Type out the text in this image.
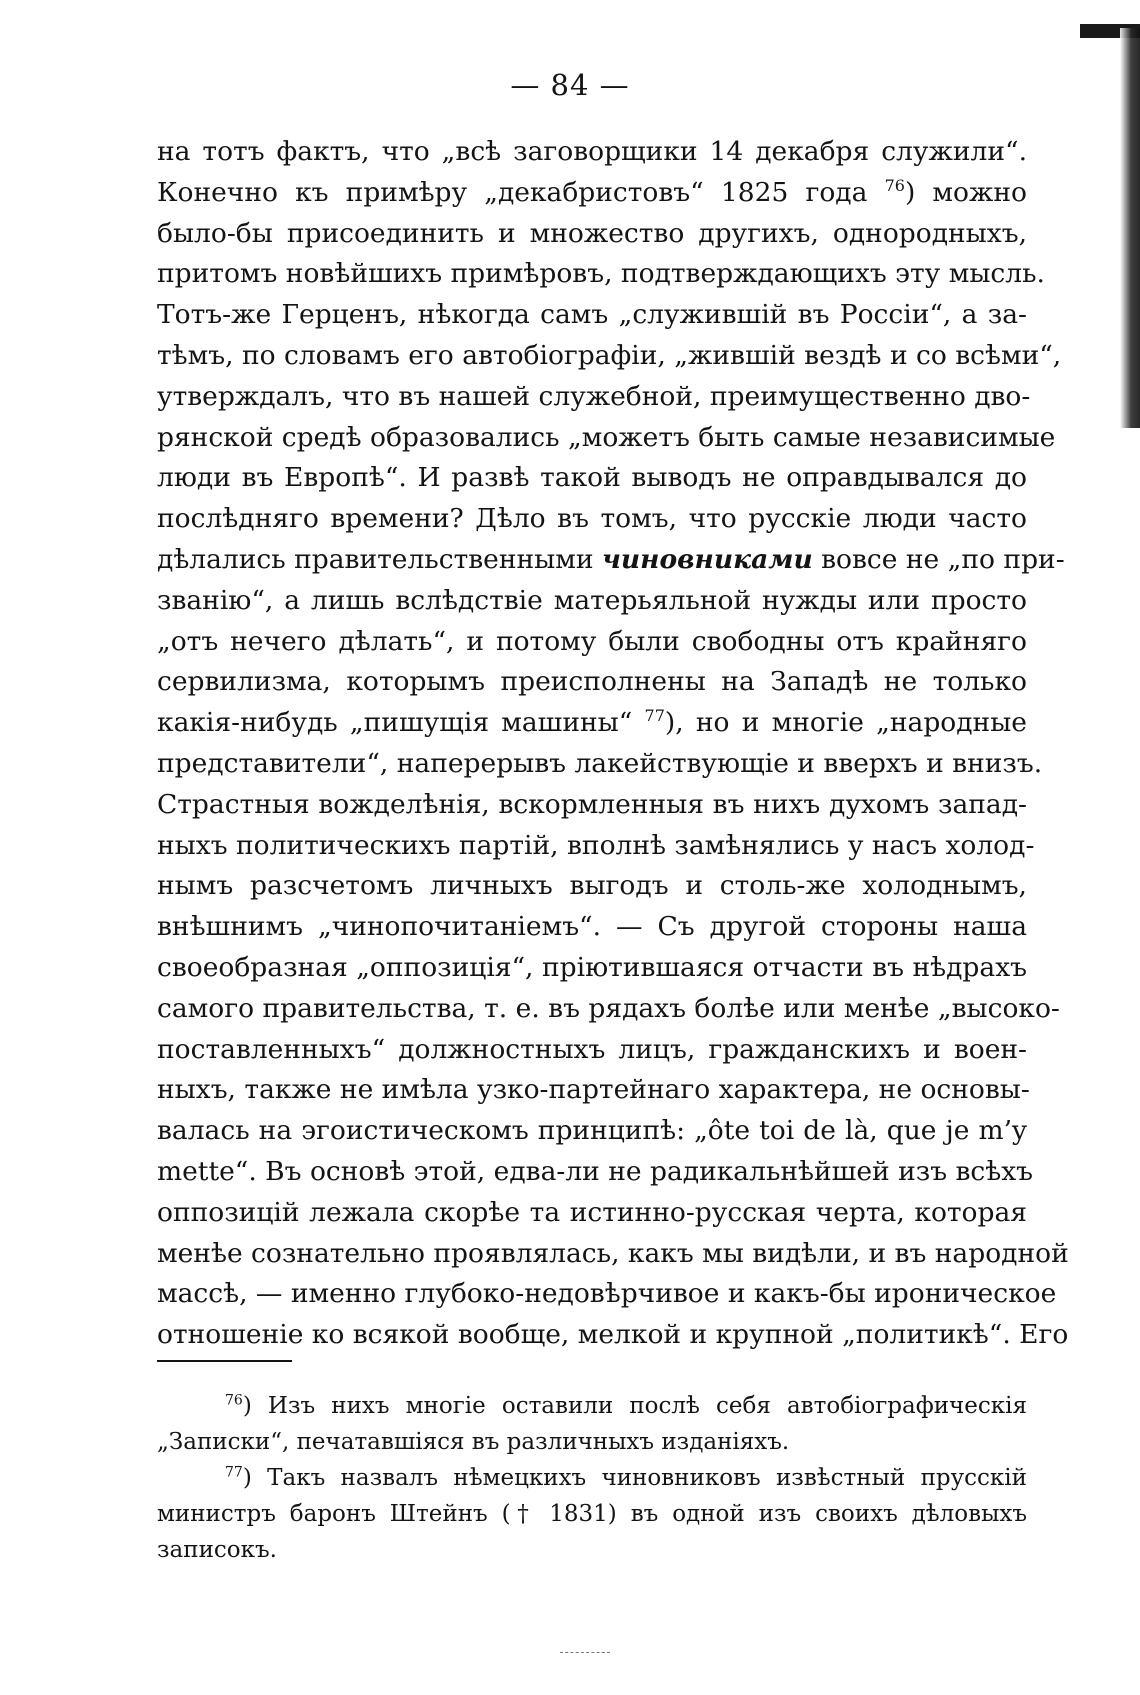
— 84 —
на тотъ фактъ, что „всѣ заговорщики 14 декабря служили“.
Конечно къ примѣру „декабристовъ“ 1825 года $^{76}$) можно
было-бы присоединить и множество другихъ, однородныхъ,
притомъ новѣйшихъ примѣровъ, подтверждающихъ эту мысль.
Тотъ-же Герценъ, нѣкогда самъ „служившій въ Россіи“, а за-
тѣмъ, по словамъ его автобіографіи, „жившій вездѣ и со всѣми“,
утверждалъ, что въ нашей служебной, преимущественно дво-
рянской средѣ образовались „можетъ быть самые независимые
люди въ Европѣ“. И развѣ такой выводъ не оправдывался до
послѣдняго времени? Дѣло въ томъ, что русскіе люди часто
дѣлались правительственными чиновниками вовсе не „по при-
званію“, а лишь вслѣдствіе матерьяльной нужды или просто
„отъ нечего дѣлать“, и потому были свободны отъ крайняго
сервилизма, которымъ преисполнены на Западѣ не только
какія-нибудь „пишущія машины“ $^{77}$), но и многіе „народные
представители“, наперерывъ лакействующіе и вверхъ и внизъ.
Страстныя вожделѣнія, вскормленныя въ нихъ духомъ запад-
ныхъ политическихъ партій, вполнѣ замѣнялись у насъ холод-
нымъ разсчетомъ личныхъ выгодъ и столь-же холоднымъ,
внѣшнимъ „чинопочитаніемъ“. — Съ другой стороны наша
своеобразная „оппозиція“, пріютившаяся отчасти въ нѣдрахъ
самого правительства, т. е. въ рядахъ болѣе или менѣе „высоко-
поставленныхъ“ должностныхъ лицъ, гражданскихъ и воен-
ныхъ, также не имѣла узко-партейнаго характера, не основы-
валась на эгоистическомъ принципѣ: „ôte toi de là, que je m’y
mette“. Въ основѣ этой, едва-ли не радикальнѣйшей изъ всѣхъ
оппозицій лежала скорѣе та истинно-русская черта, которая
менѣе сознательно проявлялась, какъ мы видѣли, и въ народной
массѣ, — именно глубоко-недовѣрчивое и какъ-бы ироническое
отношеніе ко всякой вообще, мелкой и крупной „политикѣ“. Его
$^{76}$) Изъ нихъ многіе оставили послѣ себя автобіографическія
„Записки“, печатавшіяся въ различныхъ изданіяхъ.
$^{77}$) Такъ назвалъ нѣмецкихъ чиновниковъ извѣстный прусскій
министръ баронъ Штейнъ († 1831) въ одной изъ своихъ дѣловыхъ
записокъ.
